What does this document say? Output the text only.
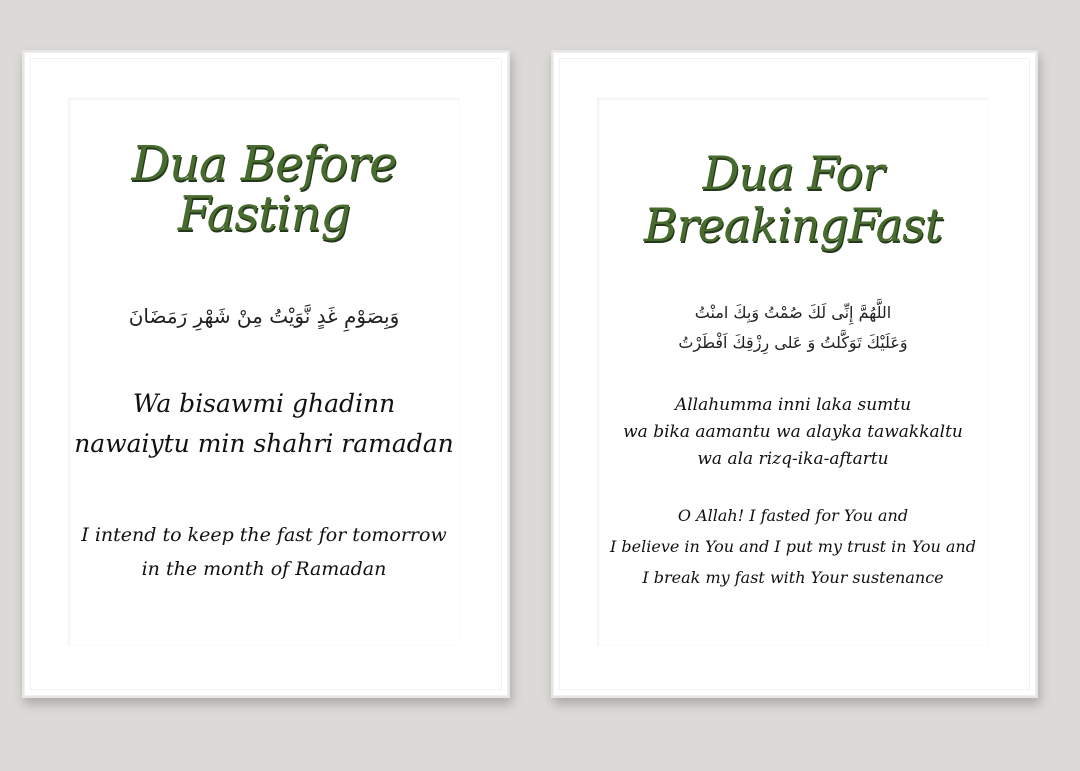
Dua Before
Fasting
وَبِصَوْمِ غَدٍ نَّوَيْتُ مِنْ شَهْرِ رَمَضَانَ
Wa bisawmi ghadinn
nawaiytu min shahri ramadan
I intend to keep the fast for tomorrow
in the month of Ramadan
Dua For
BreakingFast
اللَّهُمَّ إِنِّى لَكَ صُمْتُ وَبِكَ امنْتُ
وَعَلَيْكَ تَوَكَّلتُ وَ عَلى رِزْقِكَ اَفْطَرْتُ
Allahumma inni laka sumtu
wa bika aamantu wa alayka tawakkaltu
wa ala rizq-ika-aftartu
O Allah! I fasted for You and
I believe in You and I put my trust in You and
I break my fast with Your sustenance
